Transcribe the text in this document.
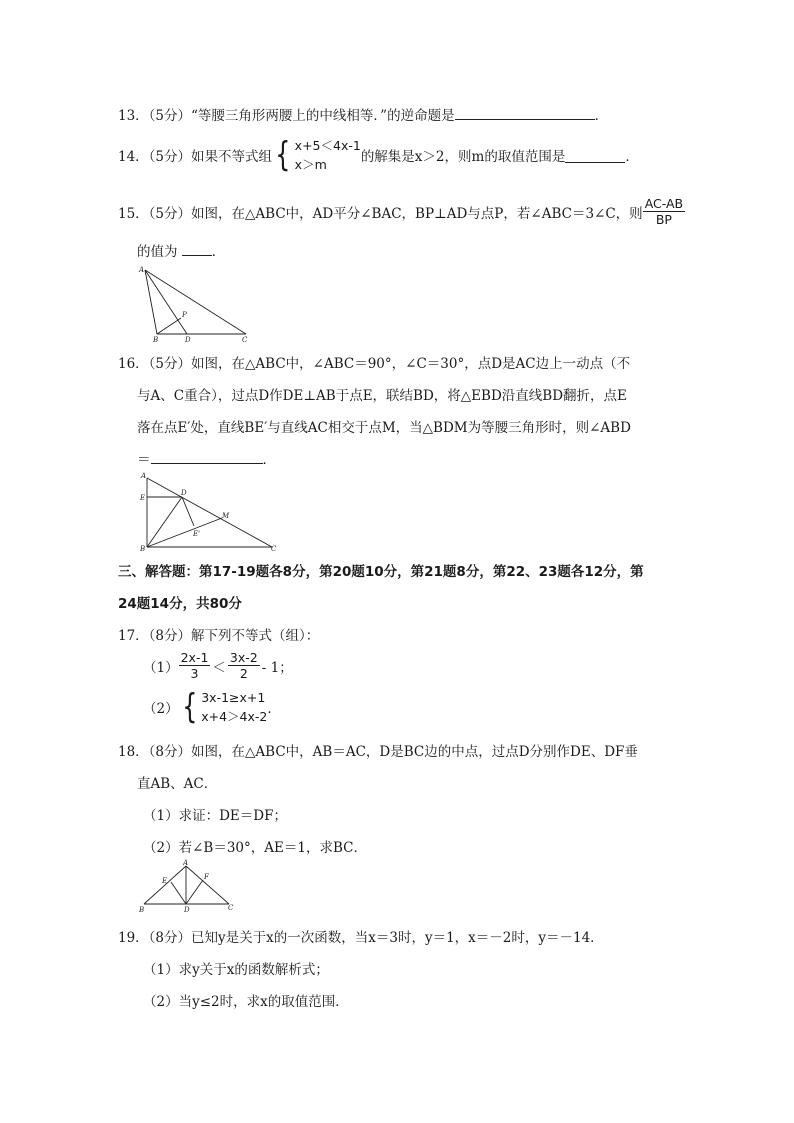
13．（5分）“等腰三角形两腰上的中线相等．”的逆命题是	．
14．（5分）如果不等式组 { x+5＜4x-1
x＞m	的解集是x＞2，则m的取值范围是	．
15．（5分）如图，在△ABC中，AD平分∠BAC，BP⊥AD与点P，若∠ABC＝3∠C，则 $\frac{AC-AB}{BP}$
的值为	．
A
P
B	D	C
16．（5分）如图，在△ABC中，∠ABC＝90°，∠C＝30°，点D是AC边上一动点（不
与A、C重合），过点D作DE⊥AB于点E，联结BD，将△EBD沿直线BD翻折，点E
落在点E′处，直线BE′与直线AC相交于点M，当△BDM为等腰三角形时，则∠ABD
＝	．
A
E
D
M
E'
B	C
三、解答题：第17-19题各8分，第20题10分，第21题8分，第22、23题各12分，第
24题14分，共80分
17．（8分）解下列不等式（组）：
$(1) \frac{2x-1}{3} < \frac{3x-2}{2} - 1$；
（2） { 3x-1≥x+1
x+4＞4x-2 ．
18．（8分）如图，在△ABC中，AB＝AC，D是BC边的中点，过点D分别作DE、DF垂
直AB、AC．
（1）求证：DE＝DF；
（2）若∠B＝30°，AE＝1，求BC．
A
E	F
B	D	C
19．（8分）已知y是关于x的一次函数，当x＝3时，y＝1，x＝－2时，y＝－14．
（1）求y关于x的函数解析式；
（2）当y≤2时，求x的取值范围．
